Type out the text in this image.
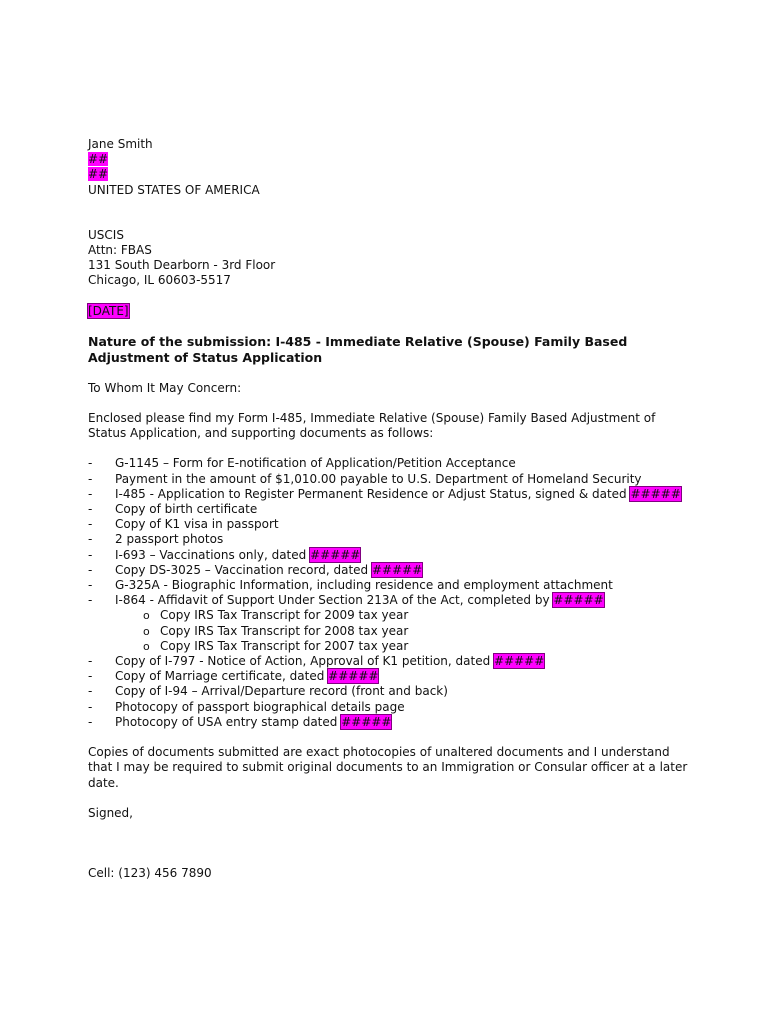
Jane Smith
##
##
UNITED STATES OF AMERICA
USCIS
Attn: FBAS
131 South Dearborn - 3rd Floor
Chicago, IL 60603-5517
[DATE]
Nature of the submission: I-485 - Immediate Relative (Spouse) Family Based Adjustment of Status Application
To Whom It May Concern:
Enclosed please find my Form I-485, Immediate Relative (Spouse) Family Based Adjustment of Status Application, and supporting documents as follows:
- G-1145 – Form for E-notification of Application/Petition Acceptance
- Payment in the amount of $1,010.00 payable to U.S. Department of Homeland Security
- I-485 - Application to Register Permanent Residence or Adjust Status, signed & dated #####
- Copy of birth certificate
- Copy of K1 visa in passport
- 2 passport photos
- I-693 – Vaccinations only, dated #####
- Copy DS-3025 – Vaccination record, dated #####
- G-325A - Biographic Information, including residence and employment attachment
- I-864 - Affidavit of Support Under Section 213A of the Act, completed by #####
o Copy IRS Tax Transcript for 2009 tax year
o Copy IRS Tax Transcript for 2008 tax year
o Copy IRS Tax Transcript for 2007 tax year
- Copy of I-797 - Notice of Action, Approval of K1 petition, dated #####
- Copy of Marriage certificate, dated #####
- Copy of I-94 – Arrival/Departure record (front and back)
- Photocopy of passport biographical details page
- Photocopy of USA entry stamp dated #####
Copies of documents submitted are exact photocopies of unaltered documents and I understand that I may be required to submit original documents to an Immigration or Consular officer at a later date.
Signed,
Cell: (123) 456 7890
